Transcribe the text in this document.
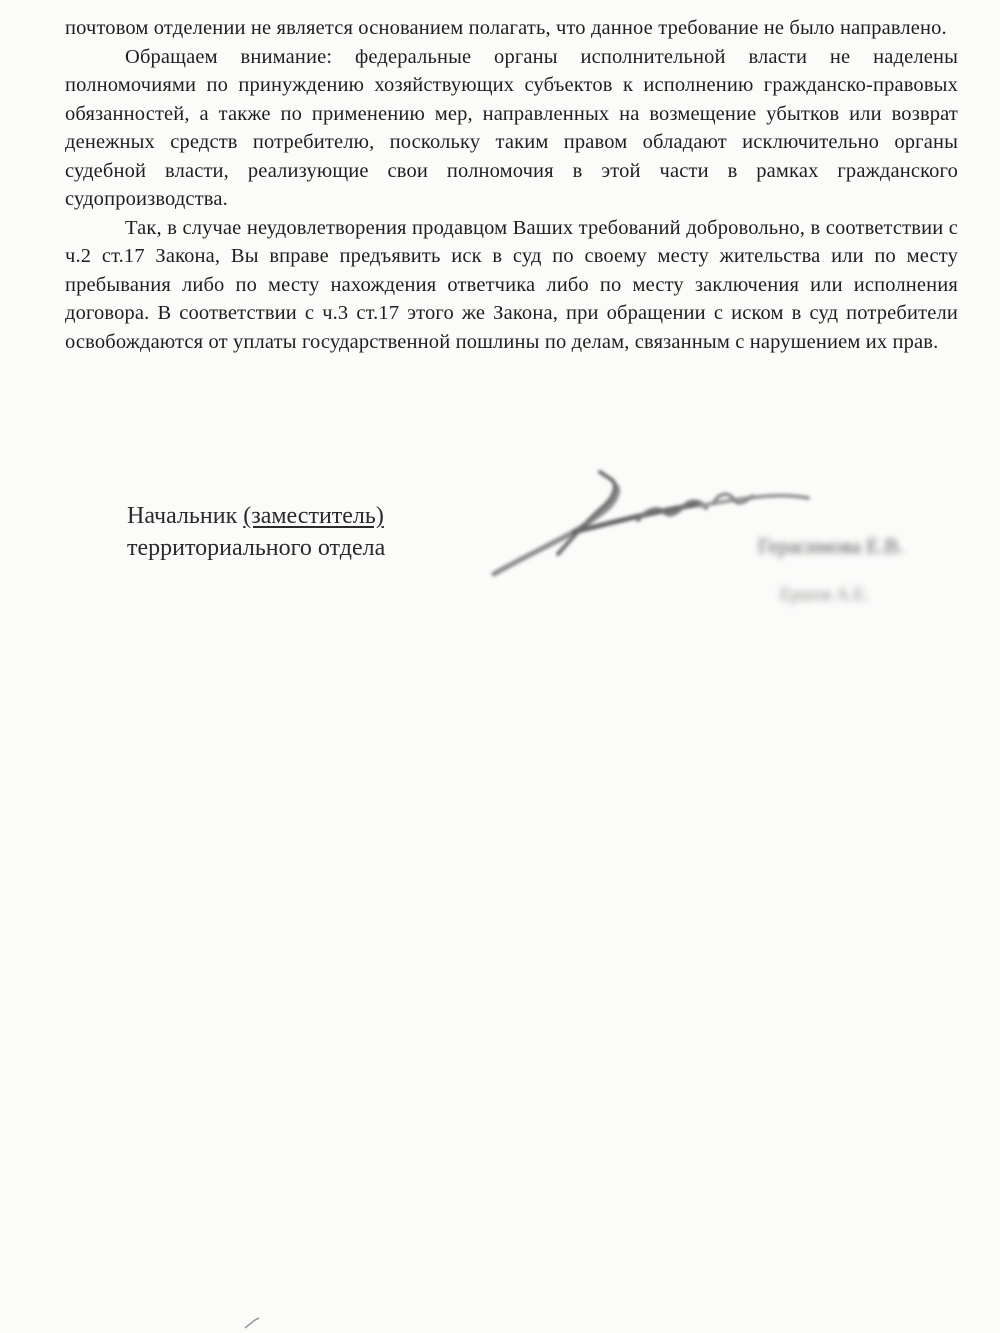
почтовом отделении не является основанием полагать, что данное требование не было направлено.

Обращаем внимание: федеральные органы исполнительной власти не наделены полномочиями по принуждению хозяйствующих субъектов к исполнению гражданско-правовых обязанностей, а также по применению мер, направленных на возмещение убытков или возврат денежных средств потребителю, поскольку таким правом обладают исключительно органы судебной власти, реализующие свои полномочия в этой части в рамках гражданского судопроизводства.

Так, в случае неудовлетворения продавцом Ваших требований добровольно, в соответствии с ч.2 ст.17 Закона, Вы вправе предъявить иск в суд по своему месту жительства или по месту пребывания либо по месту нахождения ответчика либо по месту заключения или исполнения договора. В соответствии с ч.3 ст.17 этого же Закона, при обращении с иском в суд потребители освобождаются от уплаты государственной пошлины по делам, связанным с нарушением их прав.

Начальник (заместитель)
территориального отдела	Герасимова Е.В.
Ершов А.Е.
